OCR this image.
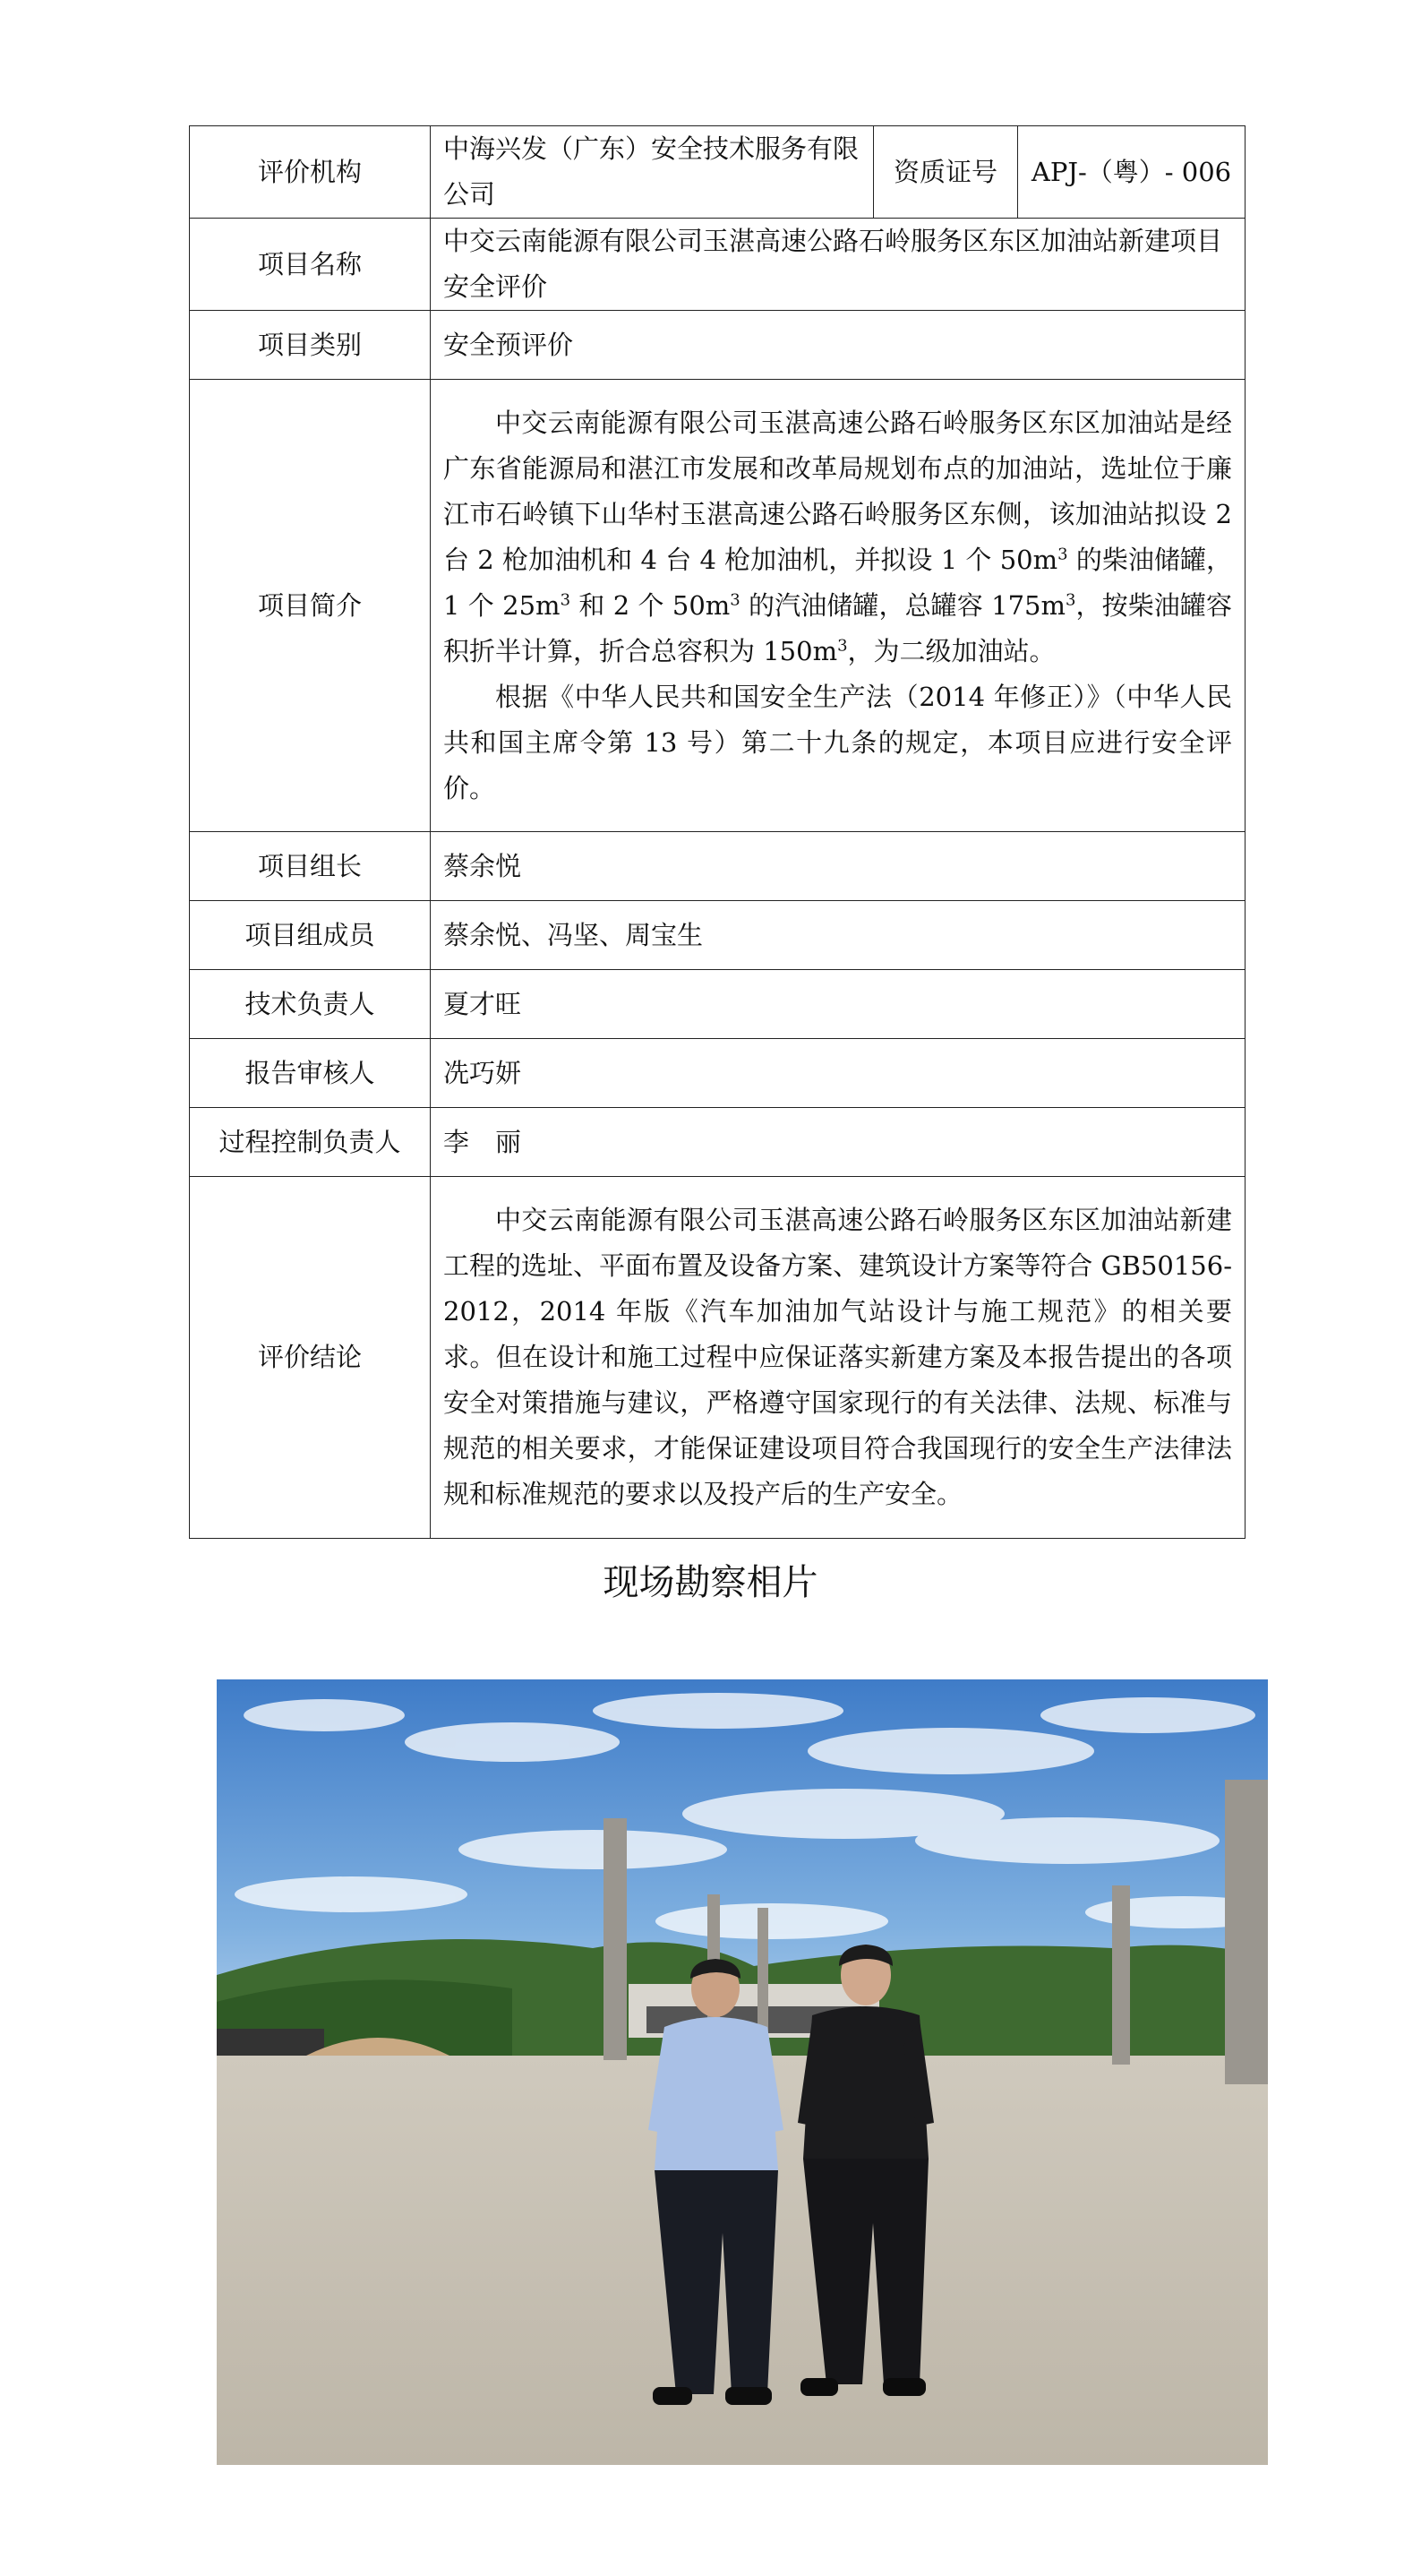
评价机构	中海兴发（广东）安全技术服务有限公司	资质证号	APJ-（粤）- 006
项目名称	中交云南能源有限公司玉湛高速公路石岭服务区东区加油站新建项目安全评价		
项目类别	安全预评价		
项目简介	中交云南能源有限公司玉湛高速公路石岭服务区东区加油站是经广东省能源局和湛江市发展和改革局规划布点的加油站，选址位于廉江市石岭镇下山华村玉湛高速公路石岭服务区东侧，该加油站拟设 2 台 2 枪加油机和 4 台 4 枪加油机，并拟设 1 个 $50m^3$ 的柴油储罐，1 个 $25m^3$ 和 2 个 $50m^3$ 的汽油储罐，总罐容 $175m^3$，按柴油罐容积折半计算，折合总容积为 $150m^3$，为二级加油站。

根据《中华人民共和国安全生产法（2014 年修正）》（中华人民共和国主席令第 13 号）第二十九条的规定，本项目应进行安全评价。		

项目组长	蔡余悦		
项目组成员	蔡余悦、冯坚、周宝生		
技术负责人	夏才旺		
报告审核人	冼巧妍		
过程控制负责人	李　丽		
评价结论	中交云南能源有限公司玉湛高速公路石岭服务区东区加油站新建工程的选址、平面布置及设备方案、建筑设计方案等符合 GB50156-2012，2014 年版《汽车加油加气站设计与施工规范》的相关要求。但在设计和施工过程中应保证落实新建方案及本报告提出的各项安全对策措施与建议，严格遵守国家现行的有关法律、法规、标准与规范的相关要求，才能保证建设项目符合我国现行的安全生产法律法规和标准规范的要求以及投产后的生产安全。		

现场勘察相片
